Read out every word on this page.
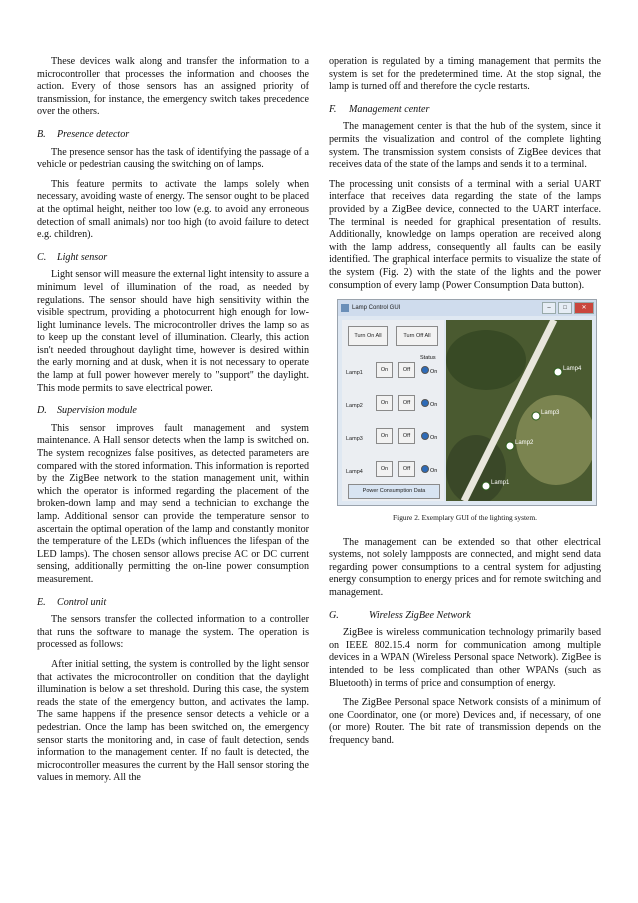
These devices walk along and transfer the information to a microcontroller that processes the information and chooses the action. Every of those sensors has an assigned priority of transmission, for instance, the emergency switch takes precedence over the others.

B. Presence detector

The presence sensor has the task of identifying the passage of a vehicle or pedestrian causing the switching on of lamps.

This feature permits to activate the lamps solely when necessary, avoiding waste of energy. The sensor ought to be placed at the optimal height, neither too low (e.g. to avoid any erroneous detection of small animals) nor too high (to avoid failure to detect e.g. children).

C. Light sensor

Light sensor will measure the external light intensity to assure a minimum level of illumination of the road, as needed by regulations. The sensor should have high sensitivity within the visible spectrum, providing a photocurrent high enough for low-light luminance levels. The microcontroller drives the lamp so as to keep up the constant level of illumination. Clearly, this action isn't needed throughout daylight time, however is desired within the early morning and at dusk, when it is not necessary to operate the lamp at full power however merely to "support" the daylight. This mode permits to save electrical power.

D. Supervision module

This sensor improves fault management and system maintenance. A Hall sensor detects when the lamp is switched on. The system recognizes false positives, as detected parameters are compared with the stored information. This information is reported by the ZigBee network to the station management unit, within which the operator is informed regarding the placement of the broken-down lamp and may send a technician to exchange the lamp. Additional sensor can provide the temperature sensor to ascertain the optimal operation of the lamp and constantly monitor the temperature of the LEDs (which influences the lifespan of the LED lamps). The chosen sensor allows precise AC or DC current sensing, additionally permitting the on-line power consumption measurement.

E. Control unit

The sensors transfer the collected information to a controller that runs the software to manage the system. The operation is processed as follows:

After initial setting, the system is controlled by the light sensor that activates the microcontroller on condition that the daylight illumination is below a set threshold. During this case, the system reads the state of the emergency button, and activates the lamp. The same happens if the presence sensor detects a vehicle or a pedestrian. Once the lamp has been switched on, the emergency sensor starts the monitoring and, in case of fault detection, sends information to the management center. If no fault is detected, the microcontroller measures the current by the Hall sensor storing the values in memory. All the

operation is regulated by a timing management that permits the system is set for the predetermined time. At the stop signal, the lamp is turned off and therefore the cycle restarts.

F. Management center

The management center is that the hub of the system, since it permits the visualization and control of the complete lighting system. The transmission system consists of ZigBee devices that receives data of the state of the lamps and sends it to a terminal.

The processing unit consists of a terminal with a serial UART interface that receives data regarding the state of the lamps provided by a ZigBee device, connected to the UART interface. The terminal is needed for graphical presentation of results. Additionally, knowledge on lamps operation are received along with the lamp address, consequently all faults can be easily identified. The graphical interface permits to visualize the state of the system (Fig. 2) with the state of the lights and the power consumption of every lamp (Power Consumption Data button).

Lamp Control GUI	–	□	✕
Turn On All	Turn Off All
Status
Lamp1	On	Off	On
Lamp2	On	Off	On
Lamp3	On	Off	On
Lamp4	On	Off	On
Power Consumption Data
Lamp4
Lamp3
Lamp2
Lamp1
Figure 2. Exemplary GUI of the lighting system.

The management can be extended so that other electrical systems, not solely lampposts are connected, and might send data regarding power consumptions to a central system for adjusting energy consumption to energy prices and for remote switching and management.

G.	Wireless ZigBee Network

ZigBee is wireless communication technology primarily based on IEEE 802.15.4 norm for communication among multiple devices in a WPAN (Wireless Personal space Network). ZigBee is intended to be less complicated than other WPANs (such as Bluetooth) in terms of price and consumption of energy.

The ZigBee Personal space Network consists of a minimum of one Coordinator, one (or more) Devices and, if necessary, of one (or more) Router. The bit rate of transmission depends on the frequency band.
